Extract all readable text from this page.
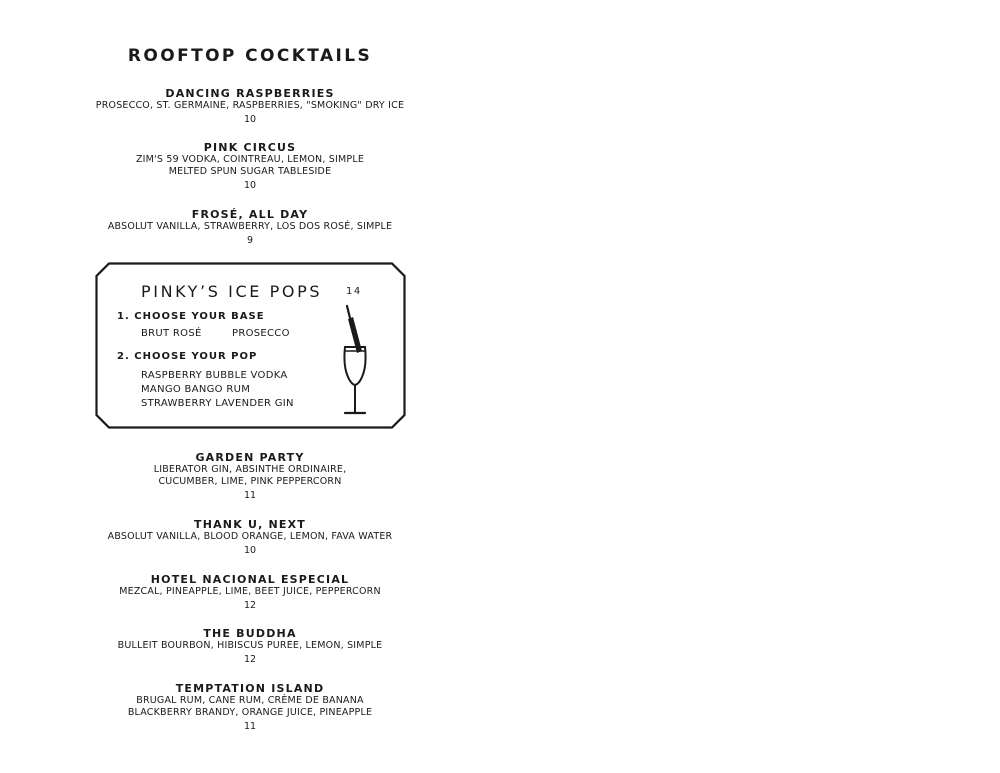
ROOFTOP COCKTAILS
DANCING RASPBERRIES
PROSECCO, ST. GERMAINE, RASPBERRIES, "SMOKING" DRY ICE
10
PINK CIRCUS
ZIM'S 59 VODKA, COINTREAU, LEMON, SIMPLE
MELTED SPUN SUGAR TABLESIDE
10
FROSÉ, ALL DAY
ABSOLUT VANILLA, STRAWBERRY, LOS DOS ROSÉ, SIMPLE
9
GARDEN PARTY
LIBERATOR GIN, ABSINTHE ORDINAIRE,
CUCUMBER, LIME, PINK PEPPERCORN
11
THANK U, NEXT
ABSOLUT VANILLA, BLOOD ORANGE, LEMON, FAVA WATER
10
HOTEL NACIONAL ESPECIAL
MEZCAL, PINEAPPLE, LIME, BEET JUICE, PEPPERCORN
12
THE BUDDHA
BULLEIT BOURBON, HIBISCUS PUREE, LEMON, SIMPLE
12
TEMPTATION ISLAND
BRUGAL RUM, CANE RUM, CRÈME DE BANANA
BLACKBERRY BRANDY, ORANGE JUICE, PINEAPPLE
11
PINKY’S ICE POPS 14
1. CHOOSE YOUR BASE
BRUT ROSÉ	PROSECCO
2. CHOOSE YOUR POP
RASPBERRY BUBBLE VODKA
MANGO BANGO RUM
STRAWBERRY LAVENDER GIN
